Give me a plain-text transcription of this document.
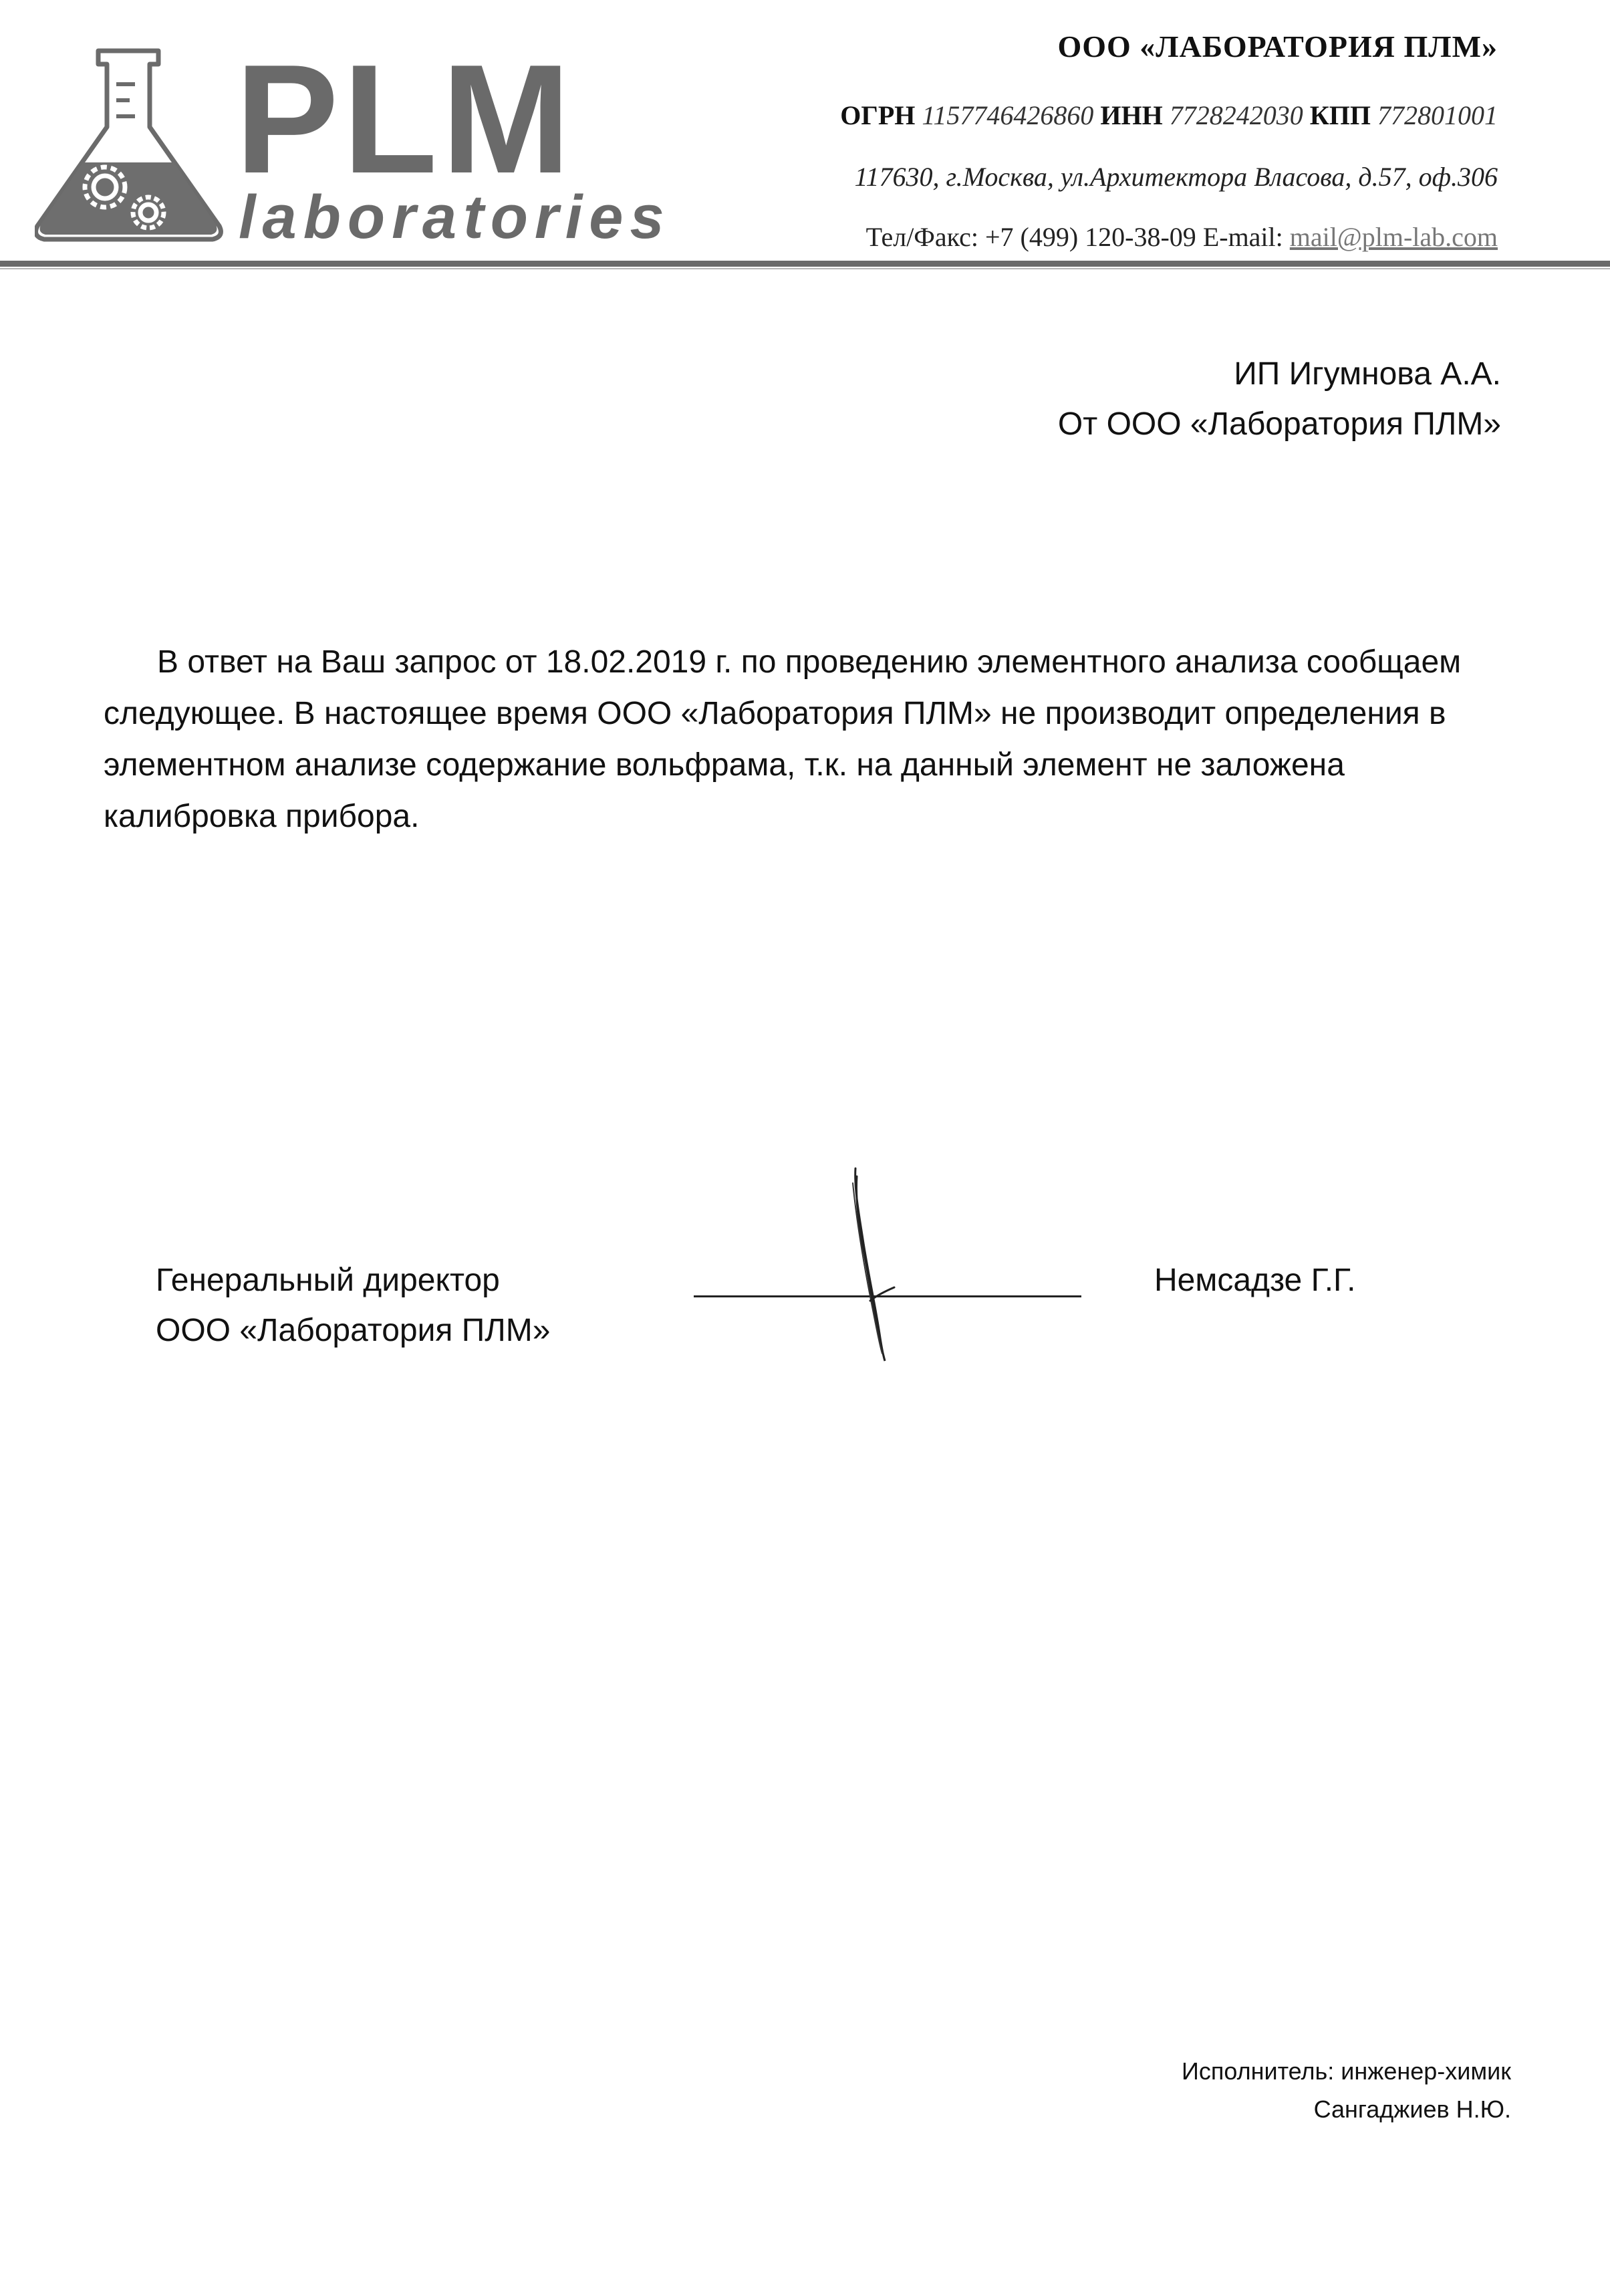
PLM
laboratories
ООО «ЛАБОРАТОРИЯ ПЛМ»
ОГРН 1157746426860 ИНН 7728242030 КПП 772801001
117630, г.Москва, ул.Архитектора Власова, д.57, оф.306
Тел/Факс: +7 (499) 120-38-09 E-mail: mail@plm-lab.com
ИП Игумнова А.А.
От ООО «Лаборатория ПЛМ»

В ответ на Ваш запрос от 18.02.2019 г. по проведению элементного анализа сообщаем следующее. В настоящее время ООО «Лаборатория ПЛМ» не производит определения в элементном анализе содержание вольфрама, т.к. на данный элемент не заложена калибровка прибора.

Генеральный директор
ООО «Лаборатория ПЛМ»
Немсадзе Г.Г.
Исполнитель: инженер-химик
Сангаджиев Н.Ю.
